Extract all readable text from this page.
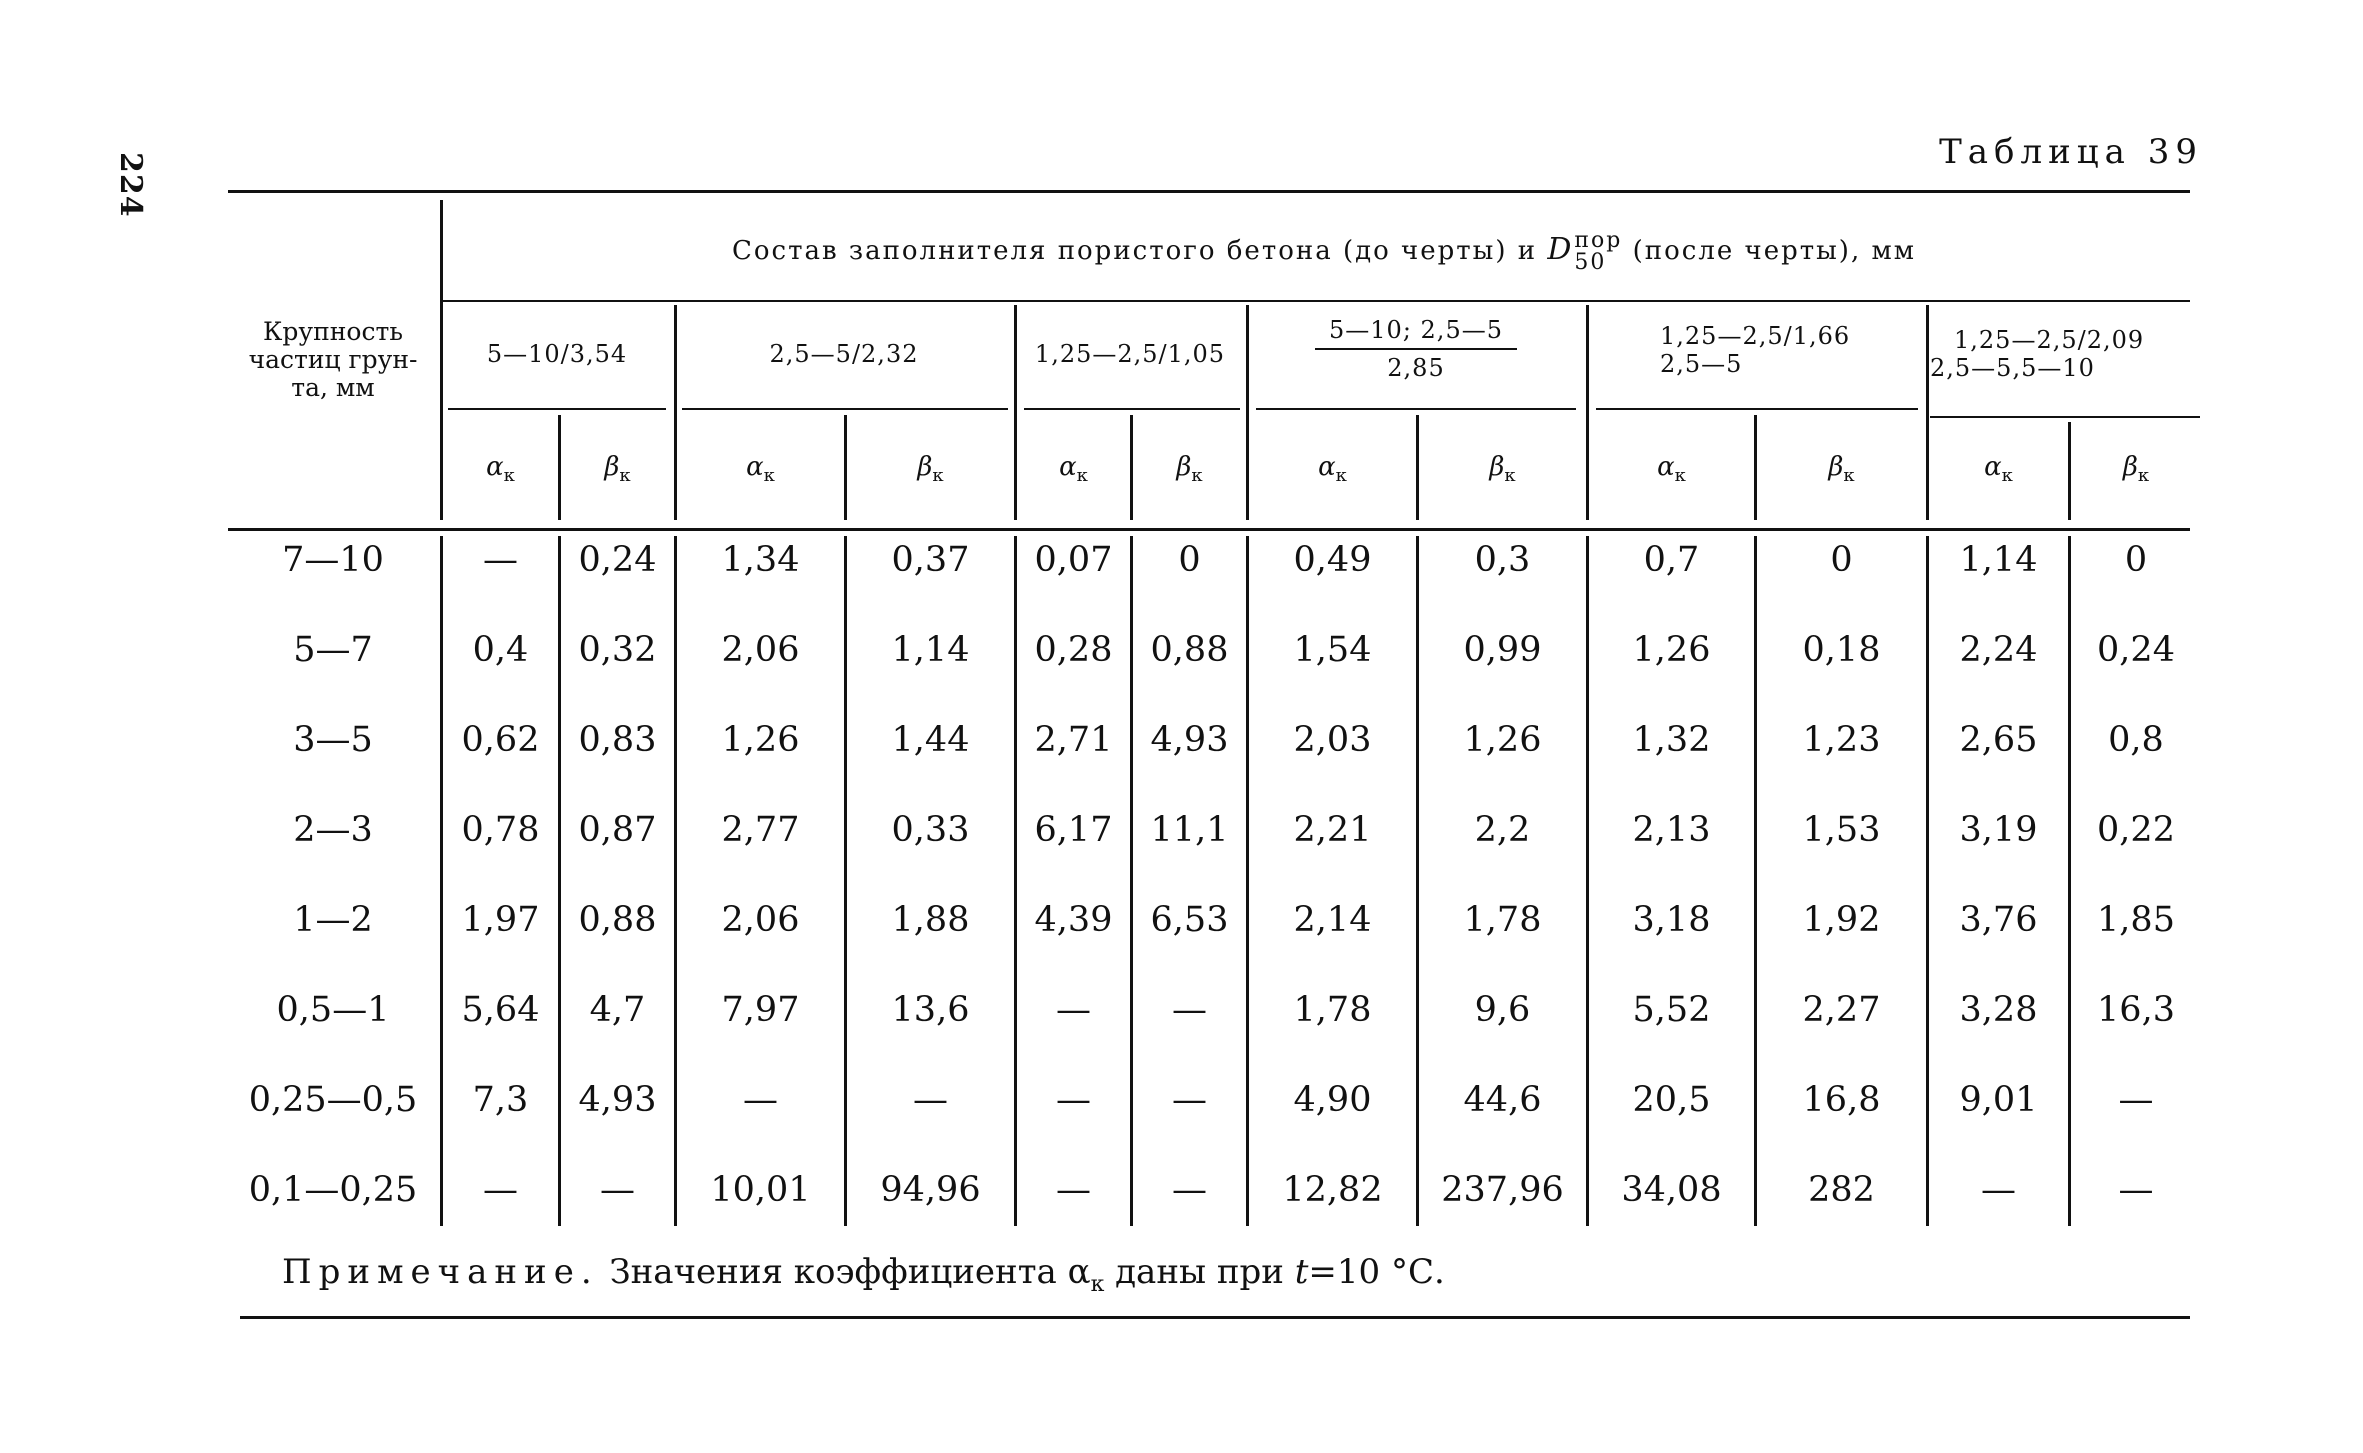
224	Таблица 39
Крупность
частиц грун-
та, мм
Состав заполнителя пористого бетона (до черты) и D пор
50 (после черты), мм
5—10/3,54	2,5—5/2,32	1,25—2,5/1,05	$\frac{5—10; 2,5—5}{2,85}$	1,25—2,5/1,66
2,5—5
1,25—2,5/2,09
2,5—5,5—10
$\alpha_к$	$\beta_к$	$\alpha_к$	$\beta_к$	$\alpha_к$	$\beta_к$	$\alpha_к$	$\beta_к$	$\alpha_к$	$\beta_к$	$\alpha_к$	$\beta_к$
7—10	—	0,24	1,34	0,37	0,07	0	0,49	0,3	0,7	0	1,14	0
5—7	0,4	0,32	2,06	1,14	0,28	0,88	1,54	0,99	1,26	0,18	2,24	0,24
3—5	0,62	0,83	1,26	1,44	2,71	4,93	2,03	1,26	1,32	1,23	2,65	0,8
2—3	0,78	0,87	2,77	0,33	6,17	11,1	2,21	2,2	2,13	1,53	3,19	0,22
1—2	1,97	0,88	2,06	1,88	4,39	6,53	2,14	1,78	3,18	1,92	3,76	1,85
0,5—1	5,64	4,7	7,97	13,6	—	—	1,78	9,6	5,52	2,27	3,28	16,3
0,25—0,5	7,3	4,93	—	—	—	—	4,90	44,6	20,5	16,8	9,01	—
0,1—0,25	—	—	10,01	94,96	—	—	12,82	237,96	34,08	282	—	—
Примечание. Значения коэффициента $\alpha_к$ даны при t=10 °С.
